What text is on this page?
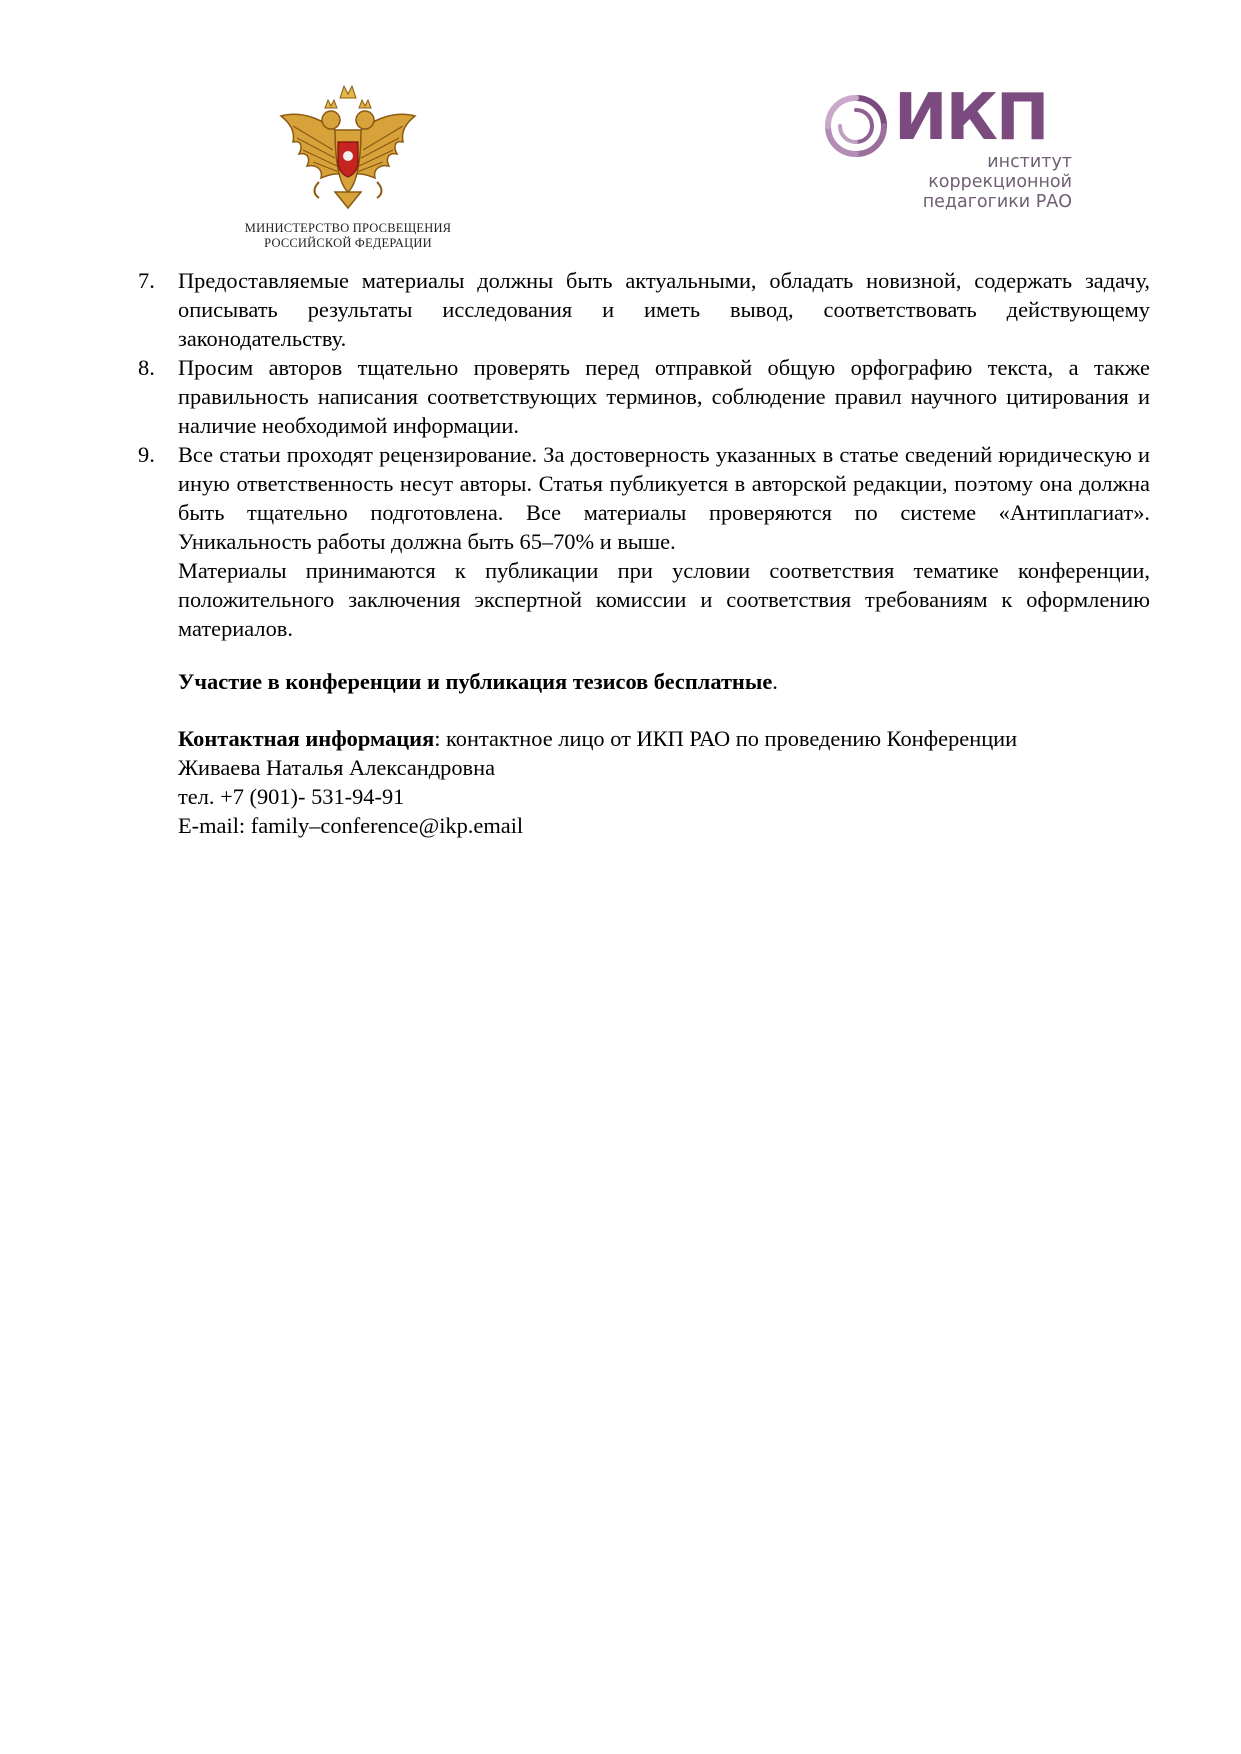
МИНИСТЕРСТВО ПРОСВЕЩЕНИЯ
РОССИЙСКОЙ ФЕДЕРАЦИИ
ИКП
институт
коррекционной
педагогики РАО
7.	Предоставляемые материалы должны быть актуальными, обладать новизной, содержать задачу, описывать результаты исследования и иметь вывод, соответствовать действующему законодательству.
8.	Просим авторов тщательно проверять перед отправкой общую орфографию текста, а также правильность написания соответствующих терминов, соблюдение правил научного цитирования и наличие необходимой информации.
9.	Все статьи проходят рецензирование. За достоверность указанных в статье сведений юридическую и иную ответственность несут авторы. Статья публикуется в авторской редакции, поэтому она должна быть тщательно подготовлена. Все материалы проверяются по системе «Антиплагиат». Уникальность работы должна быть 65–70% и выше.
Материалы принимаются к публикации при условии соответствия тематике конференции, положительного заключения экспертной комиссии и соответствия требованиям к оформлению материалов.
Участие в конференции и публикация тезисов бесплатные.
Контактная информация: контактное лицо от ИКП РАО по проведению Конференции
Живаева Наталья Александровна
тел. +7 (901)- 531-94-91
E-mail: family–conference@ikp.email
